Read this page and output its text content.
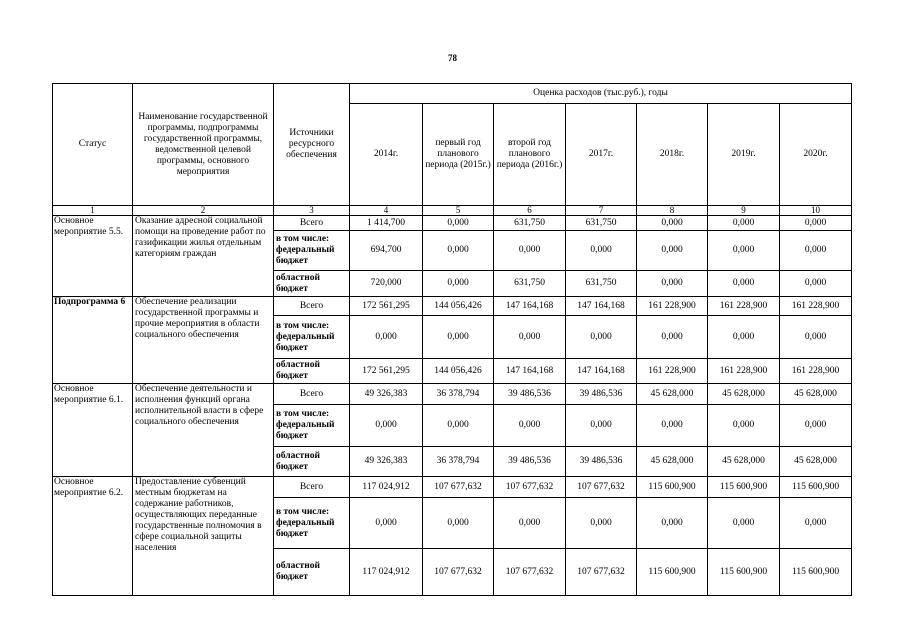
78
Статус	Наименование государственной программы, подпрограммы государственной программы, ведомственной целевой программы, основного мероприятия	Источники ресурсного обеспечения	Оценка расходов (тыс.руб.), годы						
			2014г.	первый год планового периода (2015г.)	второй год планового периода (2016г.)	2017г.	2018г.	2019г.	2020г.
1	2	3	4	5	6	7	8	9	10
Основное мероприятие 5.5.	Оказание адресной социальной помощи на проведение работ по газификации жилья отдельным категориям граждан	Всего	1 414,700	0,000	631,750	631,750	0,000	0,000	0,000
		в том числе: федеральный бюджет	694,700	0,000	0,000	0,000	0,000	0,000	0,000
		областной бюджет	720,000	0,000	631,750	631,750	0,000	0,000	0,000
Подпрограмма 6	Обеспечение реализации государственной программы и прочие мероприятия в области социального обеспечения	Всего	172 561,295	144 056,426	147 164,168	147 164,168	161 228,900	161 228,900	161 228,900
		в том числе: федеральный бюджет	0,000	0,000	0,000	0,000	0,000	0,000	0,000
		областной бюджет	172 561,295	144 056,426	147 164,168	147 164,168	161 228,900	161 228,900	161 228,900
Основное мероприятие 6.1.	Обеспечение деятельности и исполнения функций органа исполнительной власти в сфере социального обеспечения	Всего	49 326,383	36 378,794	39 486,536	39 486,536	45 628,000	45 628,000	45 628,000
		в том числе: федеральный бюджет	0,000	0,000	0,000	0,000	0,000	0,000	0,000
		областной бюджет	49 326,383	36 378,794	39 486,536	39 486,536	45 628,000	45 628,000	45 628,000
Основное мероприятие 6.2.	Предоставление субвенций местным бюджетам на содержание работников, осуществляющих переданные государственные полномочия в сфере социальной защиты населения	Всего	117 024,912	107 677,632	107 677,632	107 677,632	115 600,900	115 600,900	115 600,900
		в том числе: федеральный бюджет	0,000	0,000	0,000	0,000	0,000	0,000	0,000
		областной бюджет	117 024,912	107 677,632	107 677,632	107 677,632	115 600,900	115 600,900	115 600,900
